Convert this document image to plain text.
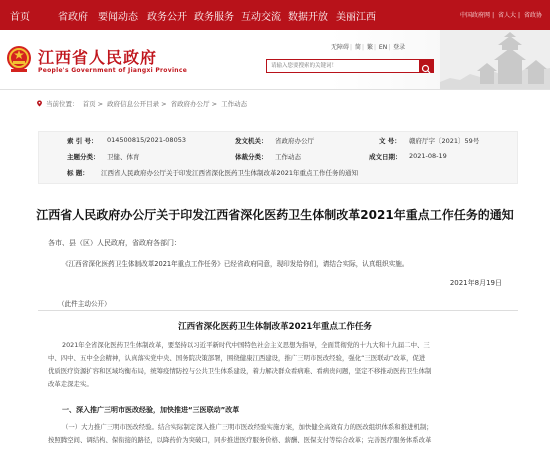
首页	省政府 要闻动态 政务公开 政务服务 互动交流 数据开放 美丽江西	中国政府网 | 省人大 | 省政协
江西省人民政府
People's Government of Jiangxi Province
无障碍| 简| 繁| EN| 登录
请输入您要搜索的关键词！
当前位置： 首页 > 政府信息公开目录 > 省政府办公厅 > 工作动态
索 引 号： 014500815/2021-08053	发文机关： 省政府办公厅	文 号： 赣府厅字〔2021〕59号
主题分类： 卫健、体育	体裁分类： 工作动态	成文日期： 2021-08-19
标 题： 江西省人民政府办公厅关于印发江西省深化医药卫生体制改革2021年重点工作任务的通知
江西省人民政府办公厅关于印发江西省深化医药卫生体制改革2021年重点工作任务的通知
各市、县（区）人民政府，省政府各部门：
《江西省深化医药卫生体制改革2021年重点工作任务》已经省政府同意，现印发给你们，请结合实际，认真组织实施。
2021年8月19日
（此件主动公开）
江西省深化医药卫生体制改革2021年重点工作任务
2021年全省深化医药卫生体制改革，要坚持以习近平新时代中国特色社会主义思想为指导，全面贯彻党的十九大和十九届二中、三
中、四中、五中全会精神，认真落实党中央、国务院决策部署，围绕健康江西建设，推广三明市医改经验，强化“三医联动”改革，促进
优质医疗资源扩容和区域均衡布局，统筹疫情防控与公共卫生体系建设，着力解决群众看病难、看病贵问题，坚定不移推动医药卫生体制
改革走深走实。
一、深入推广三明市医改经验，加快推进“三医联动”改革
（一）大力推广三明市医改经验。结合实际制定深入推广三明市医改经验实施方案，加快健全高效有力的医改组织体系和推进机制；
按照腾空间、调结构、保衔接的路径，以降药价为突破口，同步推进医疗服务价格、薪酬、医保支付等综合改革；完善医疗服务体系改革
